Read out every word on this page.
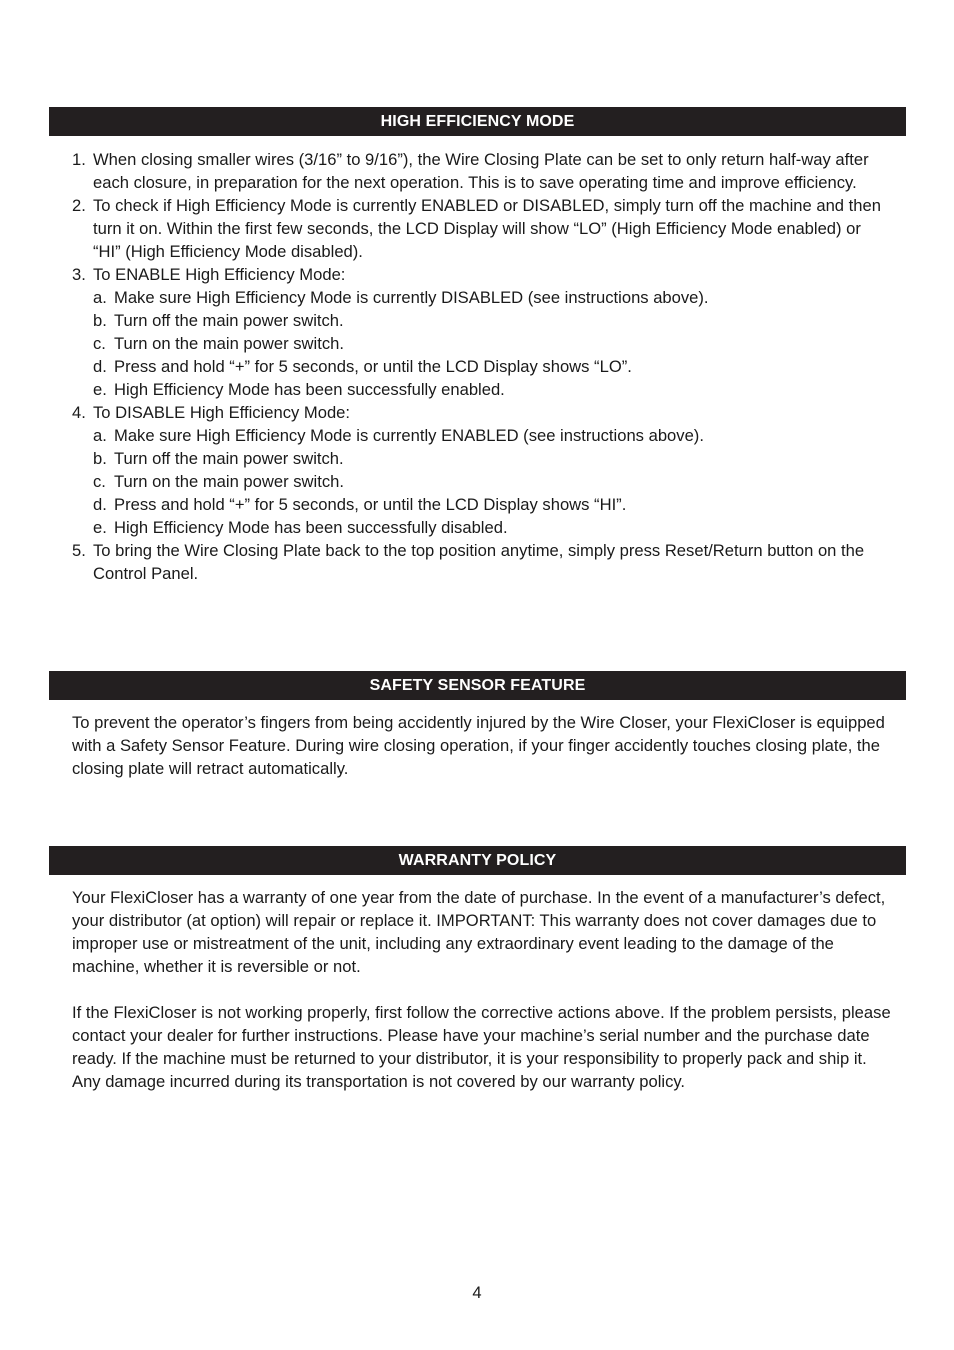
HIGH EFFICIENCY MODE
1. When closing smaller wires (3/16” to 9/16”), the Wire Closing Plate can be set to only return half-way after each closure, in preparation for the next operation. This is to save operating time and improve efficiency.
2. To check if High Efficiency Mode is currently ENABLED or DISABLED, simply turn off the machine and then turn it on. Within the first few seconds, the LCD Display will show “LO” (High Efficiency Mode enabled) or “HI” (High Efficiency Mode disabled).
3. To ENABLE High Efficiency Mode:
a. Make sure High Efficiency Mode is currently DISABLED (see instructions above).
b. Turn off the main power switch.
c. Turn on the main power switch.
d. Press and hold “+” for 5 seconds, or until the LCD Display shows “LO”.
e. High Efficiency Mode has been successfully enabled.
4. To DISABLE High Efficiency Mode:
a. Make sure High Efficiency Mode is currently ENABLED (see instructions above).
b. Turn off the main power switch.
c. Turn on the main power switch.
d. Press and hold “+” for 5 seconds, or until the LCD Display shows “HI”.
e. High Efficiency Mode has been successfully disabled.
5. To bring the Wire Closing Plate back to the top position anytime, simply press Reset/Return button on the Control Panel.
SAFETY SENSOR FEATURE

To prevent the operator’s fingers from being accidently injured by the Wire Closer, your FlexiCloser is equipped with a Safety Sensor Feature. During wire closing operation, if your finger accidently touches closing plate, the closing plate will retract automatically.

WARRANTY POLICY

Your FlexiCloser has a warranty of one year from the date of purchase. In the event of a manufacturer’s defect, your distributor (at option) will repair or replace it. IMPORTANT: This warranty does not cover damages due to improper use or mistreatment of the unit, including any extraordinary event leading to the damage of the machine, whether it is reversible or not.

If the FlexiCloser is not working properly, first follow the corrective actions above. If the problem persists, please contact your dealer for further instructions. Please have your machine’s serial number and the purchase date ready. If the machine must be returned to your distributor, it is your responsibility to properly pack and ship it. Any damage incurred during its transportation is not covered by our warranty policy.

4
